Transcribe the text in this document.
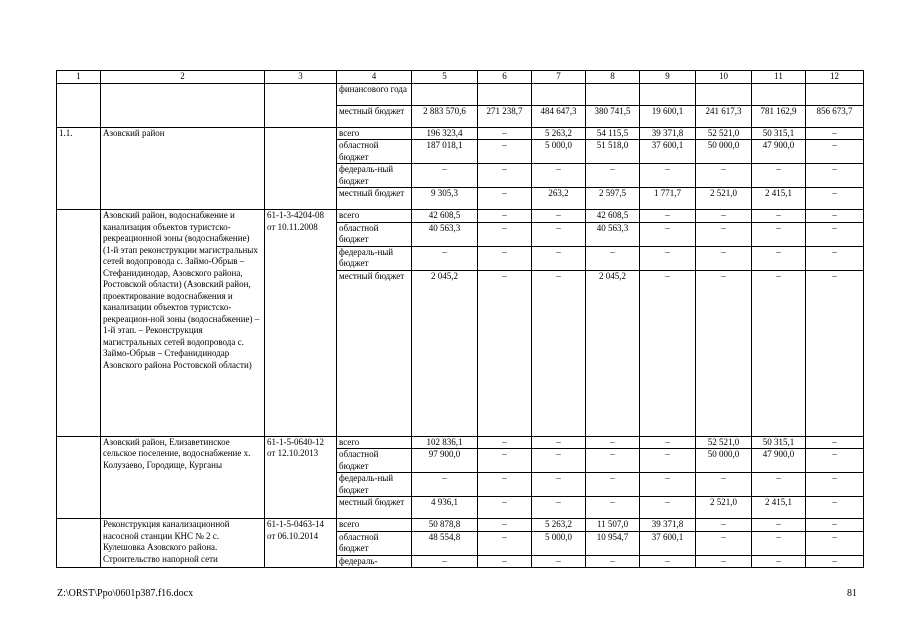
1	2	3	4	5	6	7	8	9	10	11	12
			финансового года								
			местный бюджет	2 883 570,6	271 238,7	484 647,3	380 741,5	19 600,1	241 617,3	781 162,9	856 673,7
1.1.	Азовский район		всего	196 323,4	–	5 263,2	54 115,5	39 371,8	52 521,0	50 315,1	–
			областной бюджет	187 018,1	–	5 000,0	51 518,0	37 600,1	50 000,0	47 900,0	–
			федераль-ный бюджет	–	–	–	–	–	–	–	–
			местный бюджет	9 305,3	–	263,2	2 597,5	1 771,7	2 521,0	2 415,1	–
	Азовский район, водоснабжение и канализация объектов туристско-рекреационной зоны (водоснабжение) (1-й этап реконструкции магистральных сетей водопровода с. Займо-Обрыв – Стефанидинодар, Азовского района, Ростовской области) (Азовский район, проектирование водоснабжения и канализации объектов туристско-рекреацион-ной зоны (водоснабжение) – 1-й этап. – Реконструкция магистральных сетей водопровода с. Займо-Обрыв – Стефанидинодар Азовского района Ростовской области)	61-1-3-4204-08 от 10.11.2008	всего	42 608,5	–	–	42 608,5	–	–	–	–
			областной бюджет	40 563,3	–	–	40 563,3	–	–	–	–
			федераль-ный бюджет	–	–	–	–	–	–	–	–
			местный бюджет	2 045,2	–	–	2 045,2	–	–	–	–
	Азовский район, Елизаветинское сельское поселение, водоснабжение х. Колузаево, Городище, Курганы	61-1-5-0640-12 от 12.10.2013	всего	102 836,1	–	–	–	–	52 521,0	50 315,1	–
			областной бюджет	97 900,0	–	–	–	–	50 000,0	47 900,0	–
			федераль-ный бюджет	–	–	–	–	–	–	–	–
			местный бюджет	4 936,1	–	–	–	–	2 521,0	2 415,1	–
	Реконструкция канализационной насосной станции КНС № 2 с. Кулешовка Азовского района. Строительство напорной сети	61-1-5-0463-14 от 06.10.2014	всего	50 878,8	–	5 263,2	11 507,0	39 371,8	–	–	–
			областной бюджет	48 554,8	–	5 000,0	10 954,7	37 600,1	–	–	–
			федераль-	–	–	–	–	–	–	–	–
Z:\ORST\Ppo\0601p387.f16.docx	81
